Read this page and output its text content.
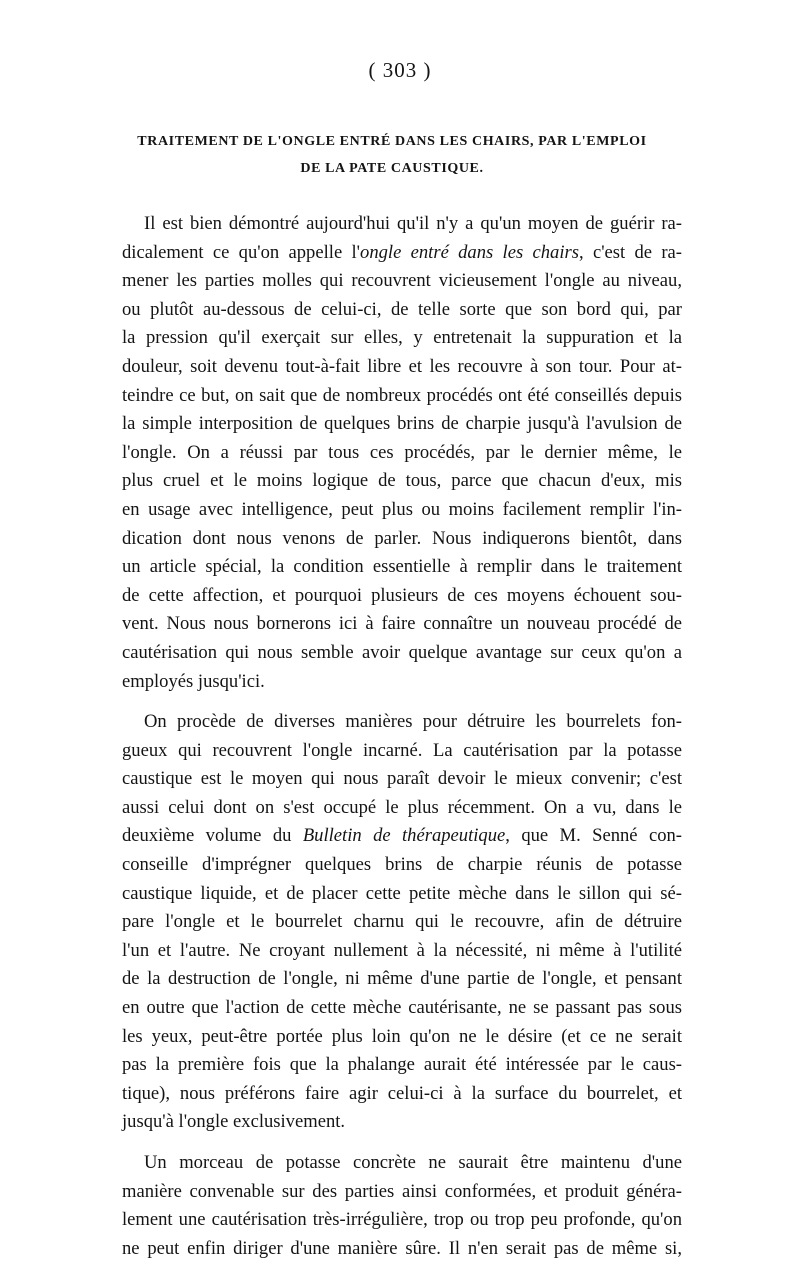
( 303 )
TRAITEMENT DE L'ONGLE ENTRÉ DANS LES CHAIRS, PAR L'EMPLOI
DE LA PATE CAUSTIQUE.

Il est bien démontré aujourd'hui qu'il n'y a qu'un moyen de guérir ra-
dicalement ce qu'on appelle l'ongle entré dans les chairs, c'est de ra-
mener les parties molles qui recouvrent vicieusement l'ongle au niveau,
ou plutôt au-dessous de celui-ci, de telle sorte que son bord qui, par
la pression qu'il exerçait sur elles, y entretenait la suppuration et la
douleur, soit devenu tout-à-fait libre et les recouvre à son tour. Pour at-
teindre ce but, on sait que de nombreux procédés ont été conseillés depuis
la simple interposition de quelques brins de charpie jusqu'à l'avulsion de
l'ongle. On a réussi par tous ces procédés, par le dernier même, le
plus cruel et le moins logique de tous, parce que chacun d'eux, mis
en usage avec intelligence, peut plus ou moins facilement remplir l'in-
dication dont nous venons de parler. Nous indiquerons bientôt, dans
un article spécial, la condition essentielle à remplir dans le traitement
de cette affection, et pourquoi plusieurs de ces moyens échouent sou-
vent. Nous nous bornerons ici à faire connaître un nouveau procédé de
cautérisation qui nous semble avoir quelque avantage sur ceux qu'on a
employés jusqu'ici.

On procède de diverses manières pour détruire les bourrelets fon-
gueux qui recouvrent l'ongle incarné. La cautérisation par la potasse
caustique est le moyen qui nous paraît devoir le mieux convenir; c'est
aussi celui dont on s'est occupé le plus récemment. On a vu, dans le
deuxième volume du Bulletin de thérapeutique, que M. Senné con-
conseille d'imprégner quelques brins de charpie réunis de potasse
caustique liquide, et de placer cette petite mèche dans le sillon qui sé-
pare l'ongle et le bourrelet charnu qui le recouvre, afin de détruire
l'un et l'autre. Ne croyant nullement à la nécessité, ni même à l'utilité
de la destruction de l'ongle, ni même d'une partie de l'ongle, et pensant
en outre que l'action de cette mèche cautérisante, ne se passant pas sous
les yeux, peut-être portée plus loin qu'on ne le désire (et ce ne serait
pas la première fois que la phalange aurait été intéressée par le caus-
tique), nous préférons faire agir celui-ci à la surface du bourrelet, et
jusqu'à l'ongle exclusivement.

Un morceau de potasse concrète ne saurait être maintenu d'une
manière convenable sur des parties ainsi conformées, et produit généra-
lement une cautérisation très-irrégulière, trop ou trop peu profonde, qu'on
ne peut enfin diriger d'une manière sûre. Il n'en serait pas de même si,
